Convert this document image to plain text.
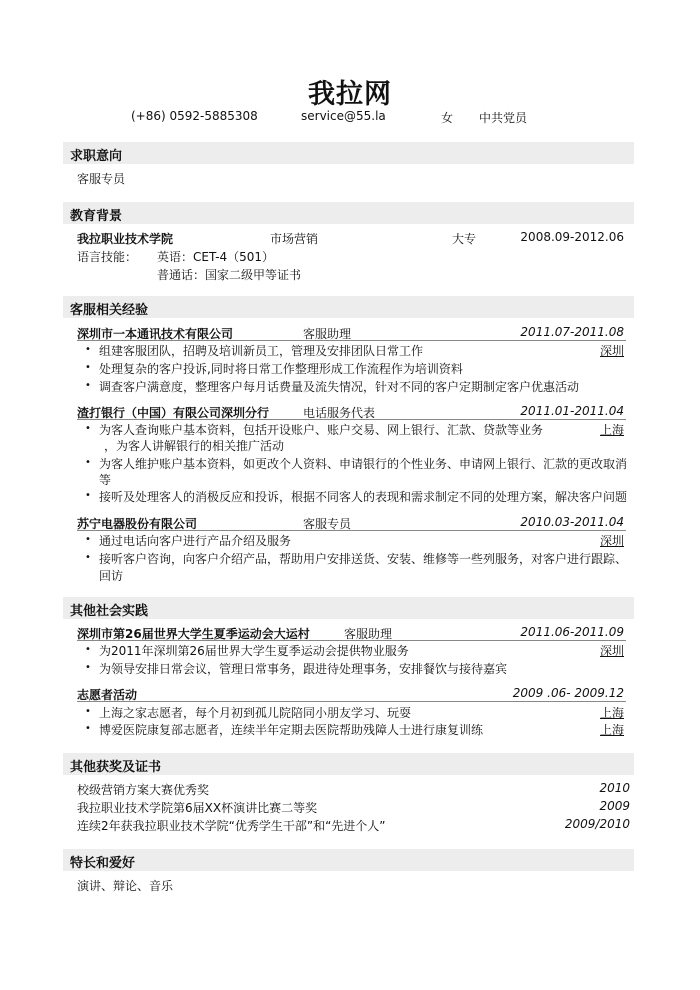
我拉网
(+86) 0592-5885308	service@55.la	女 中共党员
求职意向
客服专员
教育背景
我拉职业技术学院	市场营销	大专	2008.09-2012.06
语言技能： 英语：CET-4（501）
普通话：国家二级甲等证书
客服相关经验
深圳市一本通讯技术有限公司	客服助理	2011.07-2011.08
• 组建客服团队，招聘及培训新员工，管理及安排团队日常工作	深圳
• 处理复杂的客户投诉,同时将日常工作整理形成工作流程作为培训资料
• 调查客户满意度，整理客户每月话费量及流失情况，针对不同的客户定期制定客户优惠活动
渣打银行（中国）有限公司深圳分行	电话服务代表	2011.01-2011.04
• 为客人查询账户基本资料，包括开设账户、账户交易、网上银行、汇款、贷款等业务	上海
，为客人讲解银行的相关推广活动
• 为客人维护账户基本资料，如更改个人资料、申请银行的个性业务、申请网上银行、汇款的更改取消
等
• 接听及处理客人的消极反应和投诉，根据不同客人的表现和需求制定不同的处理方案，解决客户问题
苏宁电器股份有限公司	客服专员	2010.03-2011.04
• 通过电话向客户进行产品介绍及服务	深圳
• 接听客户咨询，向客户介绍产品，帮助用户安排送货、安装、维修等一些列服务，对客户进行跟踪、
回访
其他社会实践
深圳市第26届世界大学生夏季运动会大运村	客服助理	2011.06-2011.09
• 为2011年深圳第26届世界大学生夏季运动会提供物业服务	深圳
• 为领导安排日常会议，管理日常事务，跟进待处理事务，安排餐饮与接待嘉宾
志愿者活动	2009 .06- 2009.12
• 上海之家志愿者，每个月初到孤儿院陪同小朋友学习、玩耍	上海
• 博爱医院康复部志愿者，连续半年定期去医院帮助残障人士进行康复训练	上海
其他获奖及证书
校级营销方案大赛优秀奖	2010
我拉职业技术学院第6届XX杯演讲比赛二等奖	2009
连续2年获我拉职业技术学院“优秀学生干部”和“先进个人”	2009/2010
特长和爱好
演讲、辩论、音乐
